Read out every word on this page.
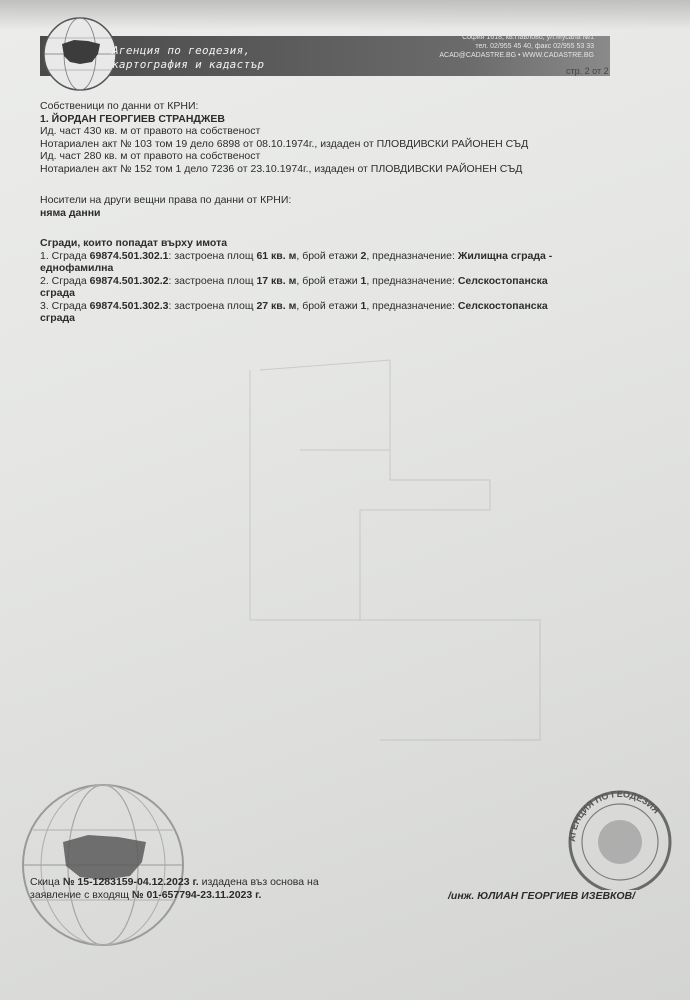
Агенция по геодезия,
картография и кадастър
София 1618, кв.Павлово, ул.Мусала №1
тел. 02/955 45 40, факс 02/955 53 33
ACAD@CADASTRE.BG • WWW.CADASTRE.BG
стр. 2 от 2

Собственици по данни от КРНИ:

1. ЙОРДАН ГЕОРГИЕВ СТРАНДЖЕВ

Ид. част 430 кв. м от правото на собственост

Нотариален акт № 103 том 19 дело 6898 от 08.10.1974г., издаден от ПЛОВДИВСКИ РАЙОНЕН СЪД

Ид. част 280 кв. м от правото на собственост

Нотариален акт № 152 том 1 дело 7236 от 23.10.1974г., издаден от ПЛОВДИВСКИ РАЙОНЕН СЪД

Носители на други вещни права по данни от КРНИ:

няма данни

Сгради, които попадат върху имота

1. Сграда 69874.501.302.1: застроена площ 61 кв. м, брой етажи 2, предназначение: Жилищна сграда -

еднофамилна

2. Сграда 69874.501.302.2: застроена площ 17 кв. м, брой етажи 1, предназначение: Селскостопанска

сграда

3. Сграда 69874.501.302.3: застроена площ 27 кв. м, брой етажи 1, предназначение: Селскостопанска

сграда

АГЕНЦИЯ ПО ГЕОДЕЗИЯ
Скица № 15-1283159-04.12.2023 г. издадена въз основа на
заявление с входящ № 01-657794-23.11.2023 г.	/инж. ЮЛИАН ГЕОРГИЕВ ИЗЕВКОВ/
